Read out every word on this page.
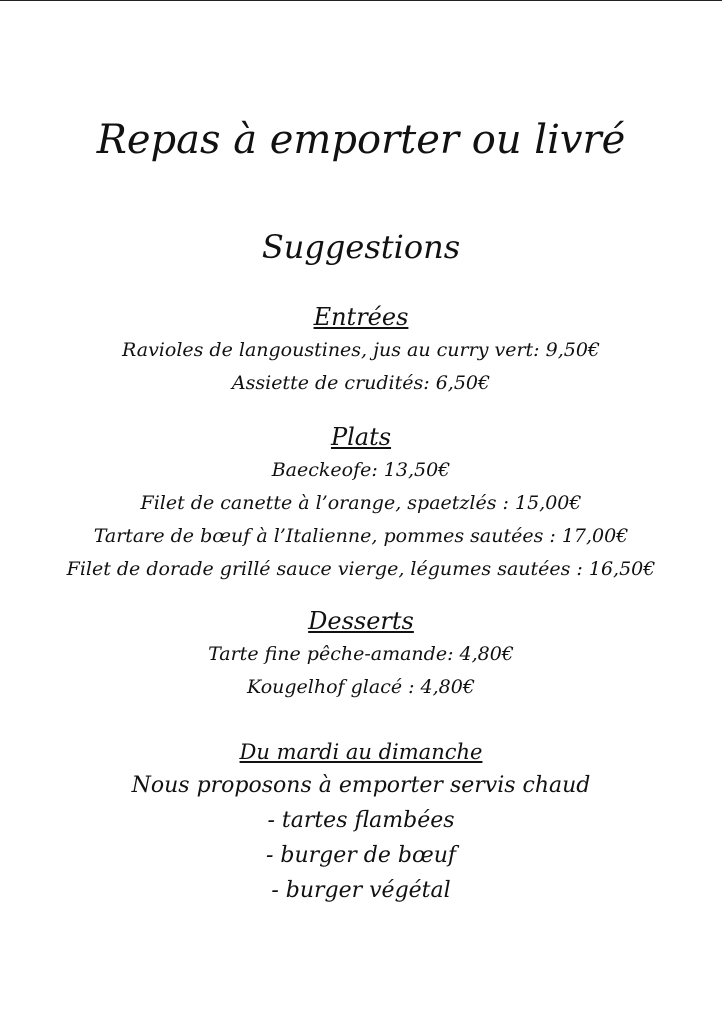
Repas à emporter ou livré
Suggestions
Entrées
Ravioles de langoustines, jus au curry vert: 9,50€
Assiette de crudités: 6,50€
Plats
Baeckeofe: 13,50€
Filet de canette à l’orange, spaetzlés : 15,00€
Tartare de bœuf à l’Italienne, pommes sautées : 17,00€
Filet de dorade grillé sauce vierge, légumes sautées : 16,50€
Desserts
Tarte fine pêche-amande: 4,80€
Kougelhof glacé : 4,80€
Du mardi au dimanche
Nous proposons à emporter servis chaud
- tartes flambées
- burger de bœuf
- burger végétal
